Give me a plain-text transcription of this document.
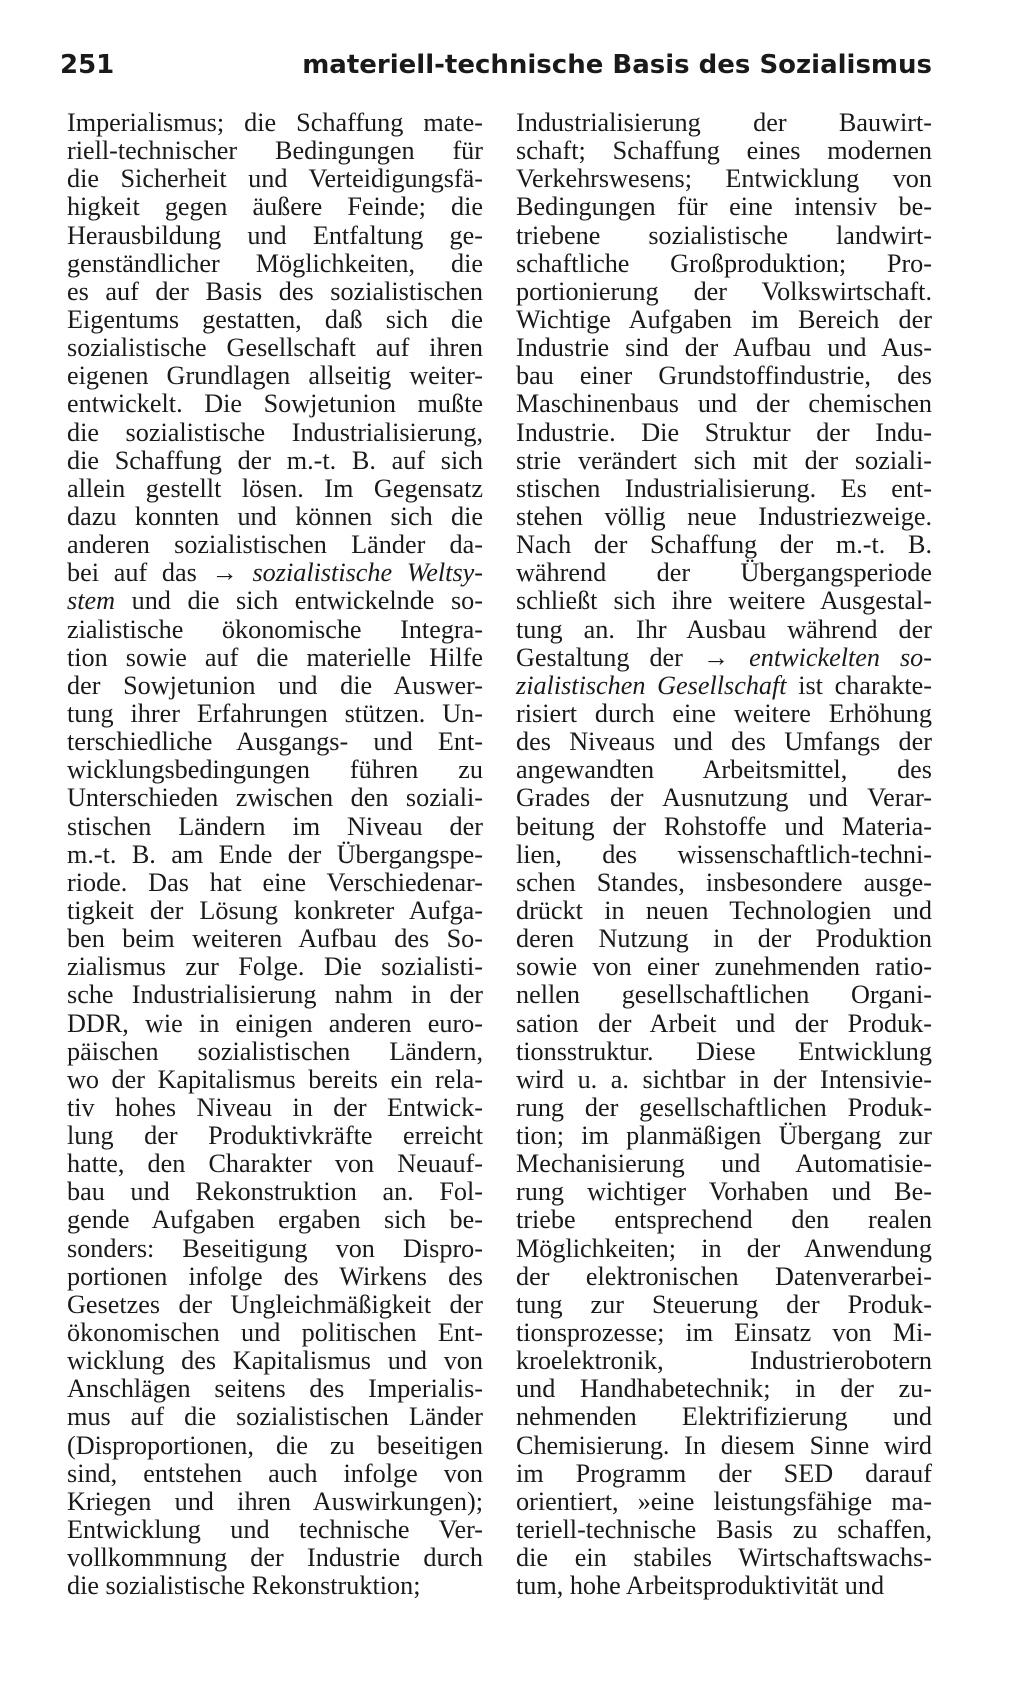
251	materiell-technische Basis des Sozialismus
Imperialismus; die Schaffung mate-
riell-technischer Bedingungen für
die Sicherheit und Verteidigungsfä-
higkeit gegen äußere Feinde; die
Herausbildung und Entfaltung ge-
genständlicher Möglichkeiten, die
es auf der Basis des sozialistischen
Eigentums gestatten, daß sich die
sozialistische Gesellschaft auf ihren
eigenen Grundlagen allseitig weiter-
entwickelt. Die Sowjetunion mußte
die sozialistische Industrialisierung,
die Schaffung der m.-t. B. auf sich
allein gestellt lösen. Im Gegensatz
dazu konnten und können sich die
anderen sozialistischen Länder da-
bei auf das → sozialistische Weltsy-
stem und die sich entwickelnde so-
zialistische ökonomische Integra-
tion sowie auf die materielle Hilfe
der Sowjetunion und die Auswer-
tung ihrer Erfahrungen stützen. Un-
terschiedliche Ausgangs- und Ent-
wicklungsbedingungen führen zu
Unterschieden zwischen den soziali-
stischen Ländern im Niveau der
m.-t. B. am Ende der Übergangspe-
riode. Das hat eine Verschiedenar-
tigkeit der Lösung konkreter Aufga-
ben beim weiteren Aufbau des So-
zialismus zur Folge. Die sozialisti-
sche Industrialisierung nahm in der
DDR, wie in einigen anderen euro-
päischen sozialistischen Ländern,
wo der Kapitalismus bereits ein rela-
tiv hohes Niveau in der Entwick-
lung der Produktivkräfte erreicht
hatte, den Charakter von Neuauf-
bau und Rekonstruktion an. Fol-
gende Aufgaben ergaben sich be-
sonders: Beseitigung von Dispro-
portionen infolge des Wirkens des
Gesetzes der Ungleichmäßigkeit der
ökonomischen und politischen Ent-
wicklung des Kapitalismus und von
Anschlägen seitens des Imperialis-
mus auf die sozialistischen Länder
(Disproportionen, die zu beseitigen
sind, entstehen auch infolge von
Kriegen und ihren Auswirkungen);
Entwicklung und technische Ver-
vollkommnung der Industrie durch
die sozialistische Rekonstruktion;
Industrialisierung der Bauwirt-
schaft; Schaffung eines modernen
Verkehrswesens; Entwicklung von
Bedingungen für eine intensiv be-
triebene sozialistische landwirt-
schaftliche Großproduktion; Pro-
portionierung der Volkswirtschaft.
Wichtige Aufgaben im Bereich der
Industrie sind der Aufbau und Aus-
bau einer Grundstoffindustrie, des
Maschinenbaus und der chemischen
Industrie. Die Struktur der Indu-
strie verändert sich mit der soziali-
stischen Industrialisierung. Es ent-
stehen völlig neue Industriezweige.
Nach der Schaffung der m.-t. B.
während der Übergangsperiode
schließt sich ihre weitere Ausgestal-
tung an. Ihr Ausbau während der
Gestaltung der → entwickelten so-
zialistischen Gesellschaft ist charakte-
risiert durch eine weitere Erhöhung
des Niveaus und des Umfangs der
angewandten Arbeitsmittel, des
Grades der Ausnutzung und Verar-
beitung der Rohstoffe und Materia-
lien, des wissenschaftlich-techni-
schen Standes, insbesondere ausge-
drückt in neuen Technologien und
deren Nutzung in der Produktion
sowie von einer zunehmenden ratio-
nellen gesellschaftlichen Organi-
sation der Arbeit und der Produk-
tionsstruktur. Diese Entwicklung
wird u. a. sichtbar in der Intensivie-
rung der gesellschaftlichen Produk-
tion; im planmäßigen Übergang zur
Mechanisierung und Automatisie-
rung wichtiger Vorhaben und Be-
triebe entsprechend den realen
Möglichkeiten; in der Anwendung
der elektronischen Datenverarbei-
tung zur Steuerung der Produk-
tionsprozesse; im Einsatz von Mi-
kroelektronik, Industrierobotern
und Handhabetechnik; in der zu-
nehmenden Elektrifizierung und
Chemisierung. In diesem Sinne wird
im Programm der SED darauf
orientiert, »eine leistungsfähige ma-
teriell-technische Basis zu schaffen,
die ein stabiles Wirtschaftswachs-
tum, hohe Arbeitsproduktivität und
